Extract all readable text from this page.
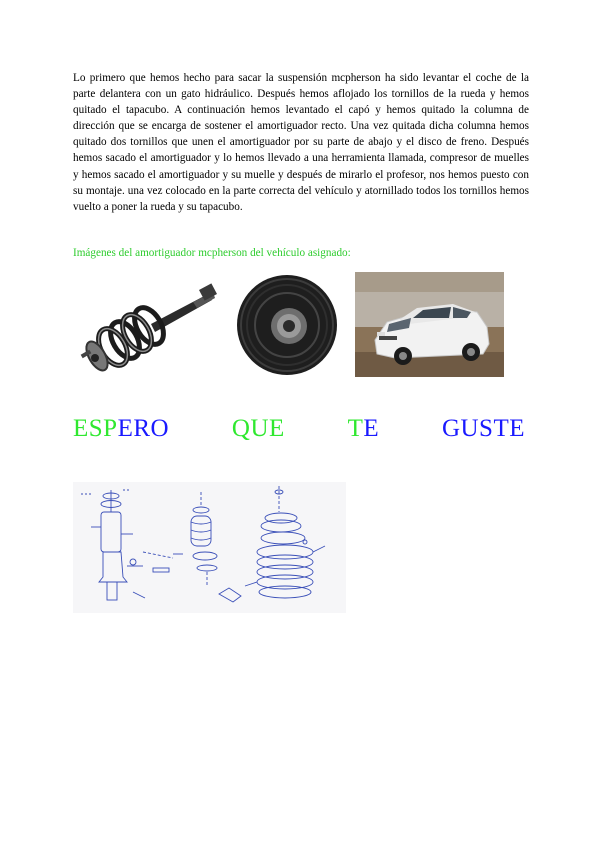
Lo primero que hemos hecho para sacar la suspensión mcpherson ha sido levantar el coche de la parte delantera con un gato hidráulico. Después hemos aflojado los tornillos de la rueda y hemos quitado el tapacubo. A continuación hemos levantado el capó y hemos quitado la columna de dirección que se encarga de sostener el amortiguador recto. Una vez quitada dicha columna hemos quitado dos tornillos que unen el amortiguador por su parte de abajo y el disco de freno. Después hemos sacado el amortiguador y lo hemos llevado a una herramienta llamada, compresor de muelles y hemos sacado el amortiguador y su muelle y después de mirarlo el profesor, nos hemos puesto con su montaje. una vez colocado en la parte correcta del vehículo y atornillado todos los tornillos hemos vuelto a poner la rueda y su tapacubo.

Imágenes del amortiguador mcpherson del vehículo asignado:

ESPERO	QUE	TE	GUSTE
